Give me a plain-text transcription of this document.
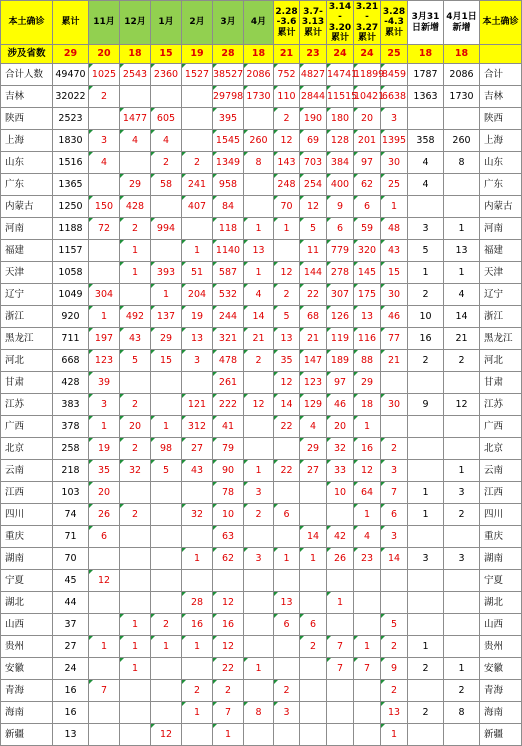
本土确诊	累计	11月	12月	1月	2月	3月	4月	2.28 -3.6 累计	3.7- 3.13 累计	3.14 - 3.20 累计	3.21 - 3.27 累计	3.28 -4.3 累计	3月31 日新增	4月1日 新增	本土确诊
涉及省数	29	20	18	15	19	28	18	21	23	24	24	25	18	18	
合计人数	49470	1025	2543	2360	1527	38527	2086	752	4827	14741	11899	8459	1787	2086	合计
吉林	32022	2				29798	1730	110	2844	11515	10421	6638	1363	1730	吉林
陕西	2523		1477	605		395		2	190	180	20	3			陕西
上海	1830	3	4	4		1545	260	12	69	128	201	1395	358	260	上海
山东	1516	4		2	2	1349	8	143	703	384	97	30	4	8	山东
广东	1365		29	58	241	958		248	254	400	62	25	4		广东
内蒙古	1250	150	428		407	84		70	12	9	6	1			内蒙古
河南	1188	72	2	994		118	1	1	5	6	59	48	3	1	河南
福建	1157		1		1	1140	13		11	779	320	43	5	13	福建
天津	1058		1	393	51	587	1	12	144	278	145	15	1	1	天津
辽宁	1049	304		1	204	532	4	2	22	307	175	30	2	4	辽宁
浙江	920	1	492	137	19	244	14	5	68	126	13	46	10	14	浙江
黑龙江	711	197	43	29	13	321	21	13	21	119	116	77	16	21	黑龙江
河北	668	123	5	15	3	478	2	35	147	189	88	21	2	2	河北
甘肃	428	39				261		12	123	97	29				甘肃
江苏	383	3	2		121	222	12	14	129	46	18	30	9	12	江苏
广西	378	1	20	1	312	41		22	4	20	1				广西
北京	258	19	2	98	27	79			29	32	16	2			北京
云南	218	35	32	5	43	90	1	22	27	33	12	3		1	云南
江西	103	20				78	3			10	64	7	1	3	江西
四川	74	26	2		32	10	2	6			1	6	1	2	四川
重庆	71	6				63			14	42	4	3			重庆
湖南	70				1	62	3	1	1	26	23	14	3	3	湖南
宁夏	45	12													宁夏
湖北	44				28	12		13		1					湖北
山西	37		1	2	16	16		6	6			5			山西
贵州	27	1	1	1	1	12			2	7	1	2	1		贵州
安徽	24		1			22	1			7	7	9	2	1	安徽
青海	16	7			2	2		2				2		2	青海
海南	16				1	7	8	3				13	2	8	海南
新疆	13			12		1						1			新疆
